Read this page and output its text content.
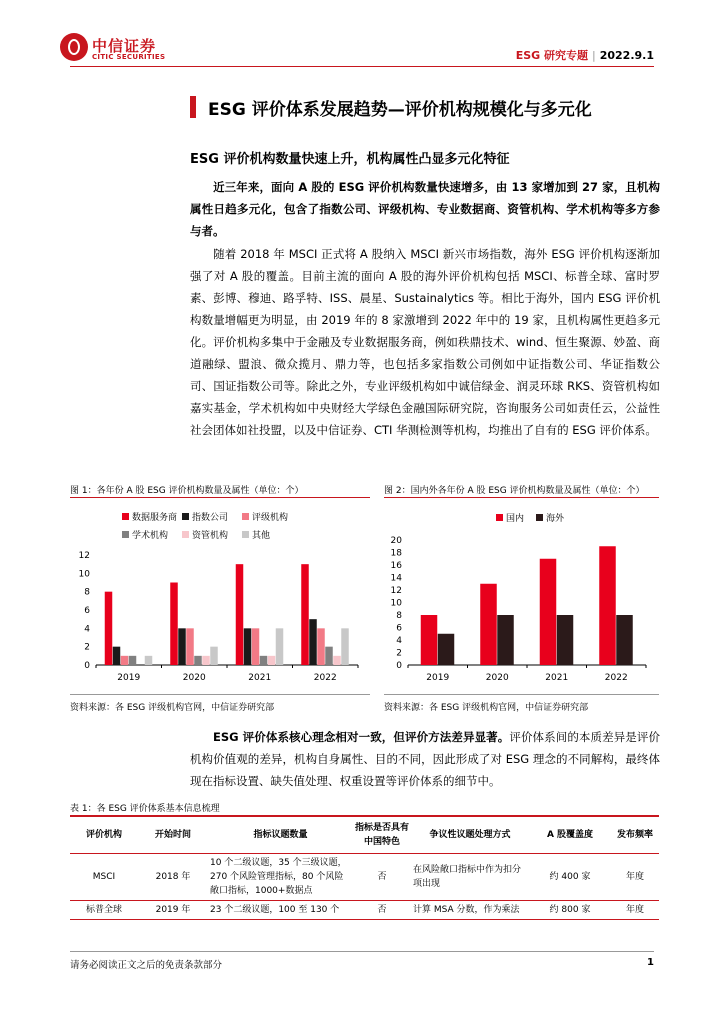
中信证券
CITIC SECURITIES	ESG 研究专题 | 2022.9.1
ESG 评价体系发展趋势—评价机构规模化与多元化
ESG 评价机构数量快速上升，机构属性凸显多元化特征
近三年来，面向 A 股的 ESG 评价机构数量快速增多，由 13 家增加到 27 家，且机构属性日趋多元化，包含了指数公司、评级机构、专业数据商、资管机构、学术机构等多方参与者。
随着 2018 年 MSCI 正式将 A 股纳入 MSCI 新兴市场指数，海外 ESG 评价机构逐渐加强了对 A 股的覆盖。目前主流的面向 A 股的海外评价机构包括 MSCI、标普全球、富时罗素、彭博、穆迪、路孚特、ISS、晨星、Sustainalytics 等。相比于海外，国内 ESG 评价机构数量增幅更为明显，由 2019 年的 8 家激增到 2022 年中的 19 家，且机构属性更趋多元化。评价机构多集中于金融及专业数据服务商，例如秩鼎技术、wind、恒生聚源、妙盈、商道融绿、盟浪、微众揽月、鼎力等，也包括多家指数公司例如中证指数公司、华证指数公司、国证指数公司等。除此之外，专业评级机构如中诚信绿金、润灵环球 RKS、资管机构如嘉实基金，学术机构如中央财经大学绿色金融国际研究院，咨询服务公司如责任云，公益性社会团体如社投盟，以及中信证券、CTI 华测检测等机构，均推出了自有的 ESG 评价体系。
图 1：各年份 A 股 ESG 评价机构数量及属性（单位：个）
数据服务商 指数公司	评级机构
学术机构	资管机构	其他
0
2
4
6
8
10
12
2019	2020	2021	2022
资料来源：各 ESG 评级机构官网，中信证券研究部
图 2：国内外各年份 A 股 ESG 评价机构数量及属性（单位：个）
国内 海外
0
2
4
6
8
10
12
14
16
18
20
2019	2020	2021	2022
资料来源：各 ESG 评级机构官网，中信证券研究部
ESG 评价体系核心理念相对一致，但评价方法差异显著。评价体系间的本质差异是评价机构价值观的差异，机构自身属性、目的不同，因此形成了对 ESG 理念的不同解构，最终体现在指标设置、缺失值处理、权重设置等评价体系的细节中。
表 1：各 ESG 评价体系基本信息梳理
评价机构	开始时间	指标议题数量	指标是否具有中国特色	争议性议题处理方式	A 股覆盖度	发布频率
MSCI	2018 年	10 个二级议题，35 个三级议题，270 个风险管理指标，80 个风险敞口指标，1000+数据点	否	在风险敞口指标中作为扣分项出现	约 400 家	年度
标普全球	2019 年	23 个二级议题，100 至 130 个	否	计算 MSA 分数，作为乘法	约 800 家	年度
请务必阅读正文之后的免责条款部分	1
